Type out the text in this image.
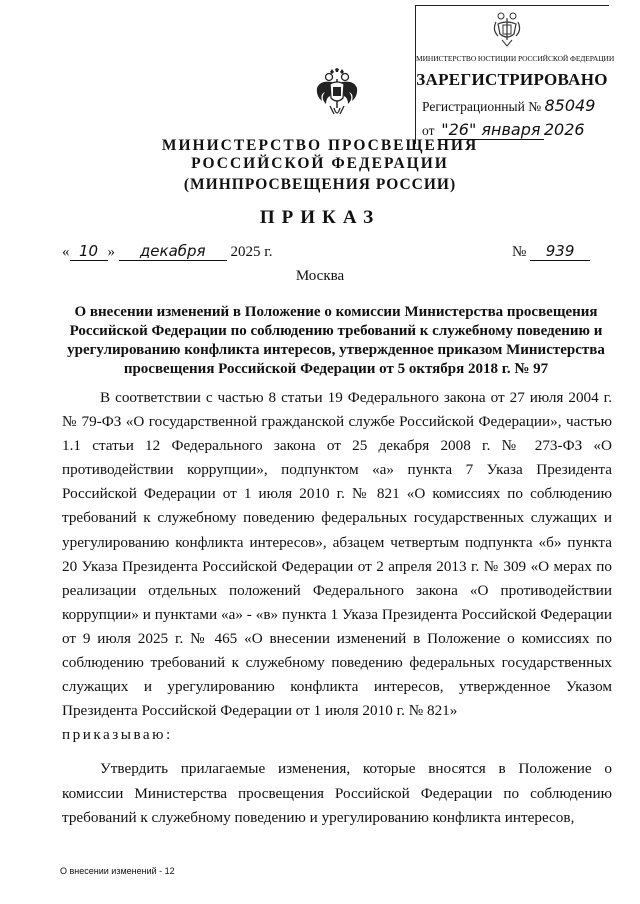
МИНИСТЕРСТВО ЮСТИЦИИ РОССИЙСКОЙ ФЕДЕРАЦИИ
ЗАРЕГИСТРИРОВАНО
Регистрационный № 85049
от "26" января 2026
МИНИСТЕРСТВО ПРОСВЕЩЕНИЯ
РОССИЙСКОЙ ФЕДЕРАЦИИ
(МИНПРОСВЕЩЕНИЯ РОССИИ)
ПРИКАЗ
« 10 » декабря 2025 г.	№ 939
Москва
О внесении изменений в Положение о комиссии Министерства просвещения Российской Федерации по соблюдению требований к служебному поведению и урегулированию конфликта интересов, утвержденное приказом Министерства просвещения Российской Федерации от 5 октября 2018 г. № 97

В соответствии с частью 8 статьи 19 Федерального закона от 27 июля 2004 г. № 79-ФЗ «О государственной гражданской службе Российской Федерации», частью 1.1 статьи 12 Федерального закона от 25 декабря 2008 г. № 273-ФЗ «О противодействии коррупции», подпунктом «а» пункта 7 Указа Президента Российской Федерации от 1 июля 2010 г. № 821 «О комиссиях по соблюдению требований к служебному поведению федеральных государственных служащих и урегулированию конфликта интересов», абзацем четвертым подпункта «б» пункта 20 Указа Президента Российской Федерации от 2 апреля 2013 г. № 309 «О мерах по реализации отдельных положений Федерального закона «О противодействии коррупции» и пунктами «а» - «в» пункта 1 Указа Президента Российской Федерации от 9 июля 2025 г. № 465 «О внесении изменений в Положение о комиссиях по соблюдению требований к служебному поведению федеральных государственных служащих и урегулированию конфликта интересов, утвержденное Указом Президента Российской Федерации от 1 июля 2010 г. № 821»

приказываю:

Утвердить прилагаемые изменения, которые вносятся в Положение о комиссии Министерства просвещения Российской Федерации по соблюдению требований к служебному поведению и урегулированию конфликта интересов,

О внесении изменений - 12
